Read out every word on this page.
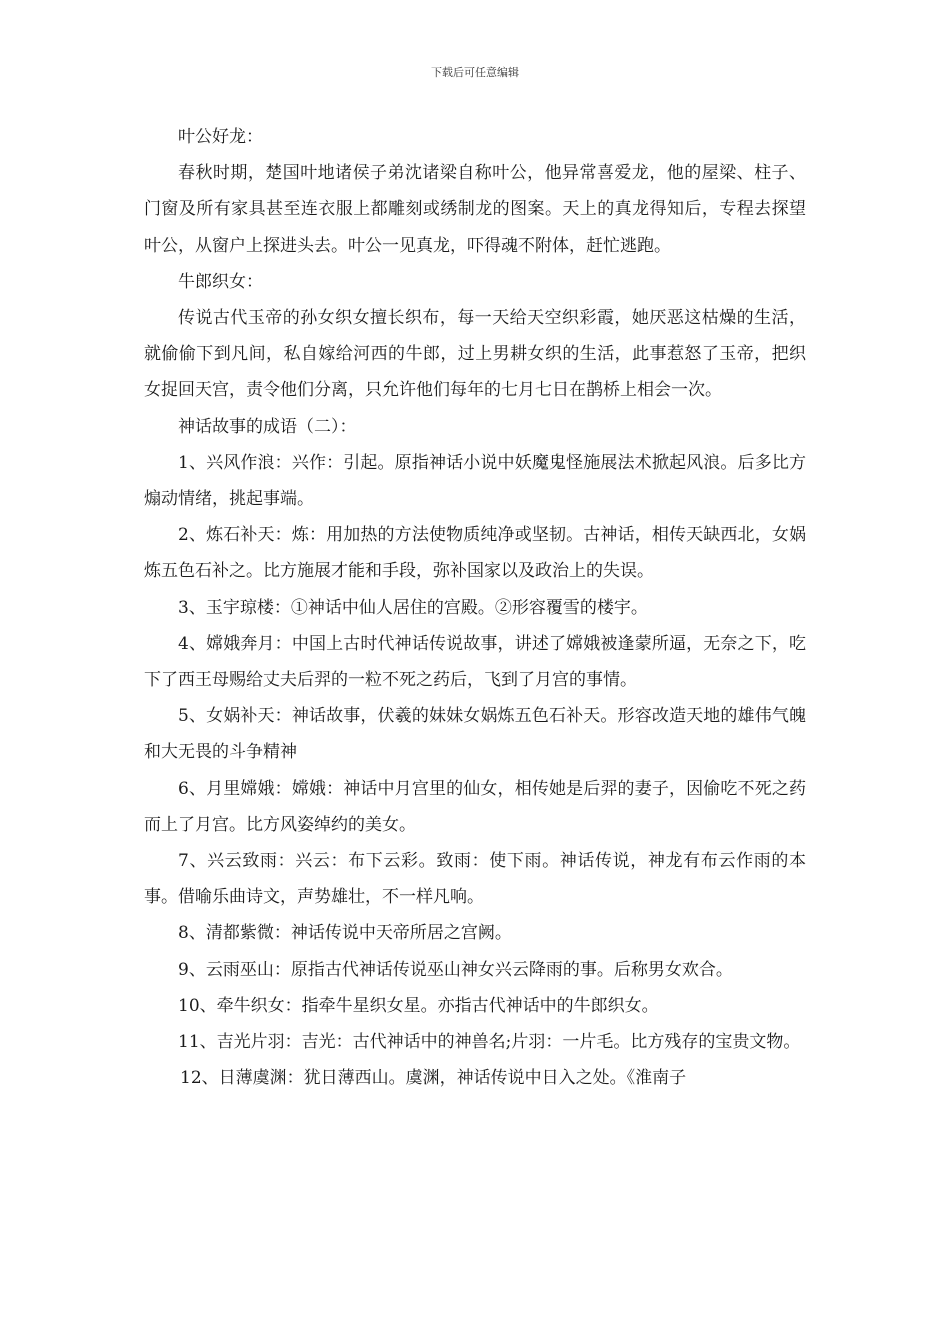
下载后可任意编辑

叶公好龙：

春秋时期，楚国叶地诸侯子弟沈诸梁自称叶公，他异常喜爱龙，他的屋梁、柱子、门窗及所有家具甚至连衣服上都雕刻或绣制龙的图案。天上的真龙得知后，专程去探望叶公，从窗户上探进头去。叶公一见真龙，吓得魂不附体，赶忙逃跑。

牛郎织女：

传说古代玉帝的孙女织女擅长织布，每一天给天空织彩霞，她厌恶这枯燥的生活，就偷偷下到凡间，私自嫁给河西的牛郎，过上男耕女织的生活，此事惹怒了玉帝，把织女捉回天宫，责令他们分离，只允许他们每年的七月七日在鹊桥上相会一次。

神话故事的成语（二）：

1、兴风作浪：兴作：引起。原指神话小说中妖魔鬼怪施展法术掀起风浪。后多比方煽动情绪，挑起事端。

2、炼石补天：炼：用加热的方法使物质纯净或坚韧。古神话，相传天缺西北，女娲炼五色石补之。比方施展才能和手段，弥补国家以及政治上的失误。

3、玉宇琼楼：①神话中仙人居住的宫殿。②形容覆雪的楼宇。

4、嫦娥奔月：中国上古时代神话传说故事，讲述了嫦娥被逢蒙所逼，无奈之下，吃下了西王母赐给丈夫后羿的一粒不死之药后，飞到了月宫的事情。

5、女娲补天：神话故事，伏羲的妹妹女娲炼五色石补天。形容改造天地的雄伟气魄和大无畏的斗争精神

6、月里嫦娥：嫦娥：神话中月宫里的仙女，相传她是后羿的妻子，因偷吃不死之药而上了月宫。比方风姿绰约的美女。

7、兴云致雨：兴云：布下云彩。致雨：使下雨。神话传说，神龙有布云作雨的本事。借喻乐曲诗文，声势雄壮，不一样凡响。

8、清都紫微：神话传说中天帝所居之宫阙。

9、云雨巫山：原指古代神话传说巫山神女兴云降雨的事。后称男女欢合。

10、牵牛织女：指牵牛星织女星。亦指古代神话中的牛郎织女。

11、吉光片羽：吉光：古代神话中的神兽名;片羽：一片毛。比方残存的宝贵文物。

12、日薄虞渊：犹日薄西山。虞渊，神话传说中日入之处。《淮南子
